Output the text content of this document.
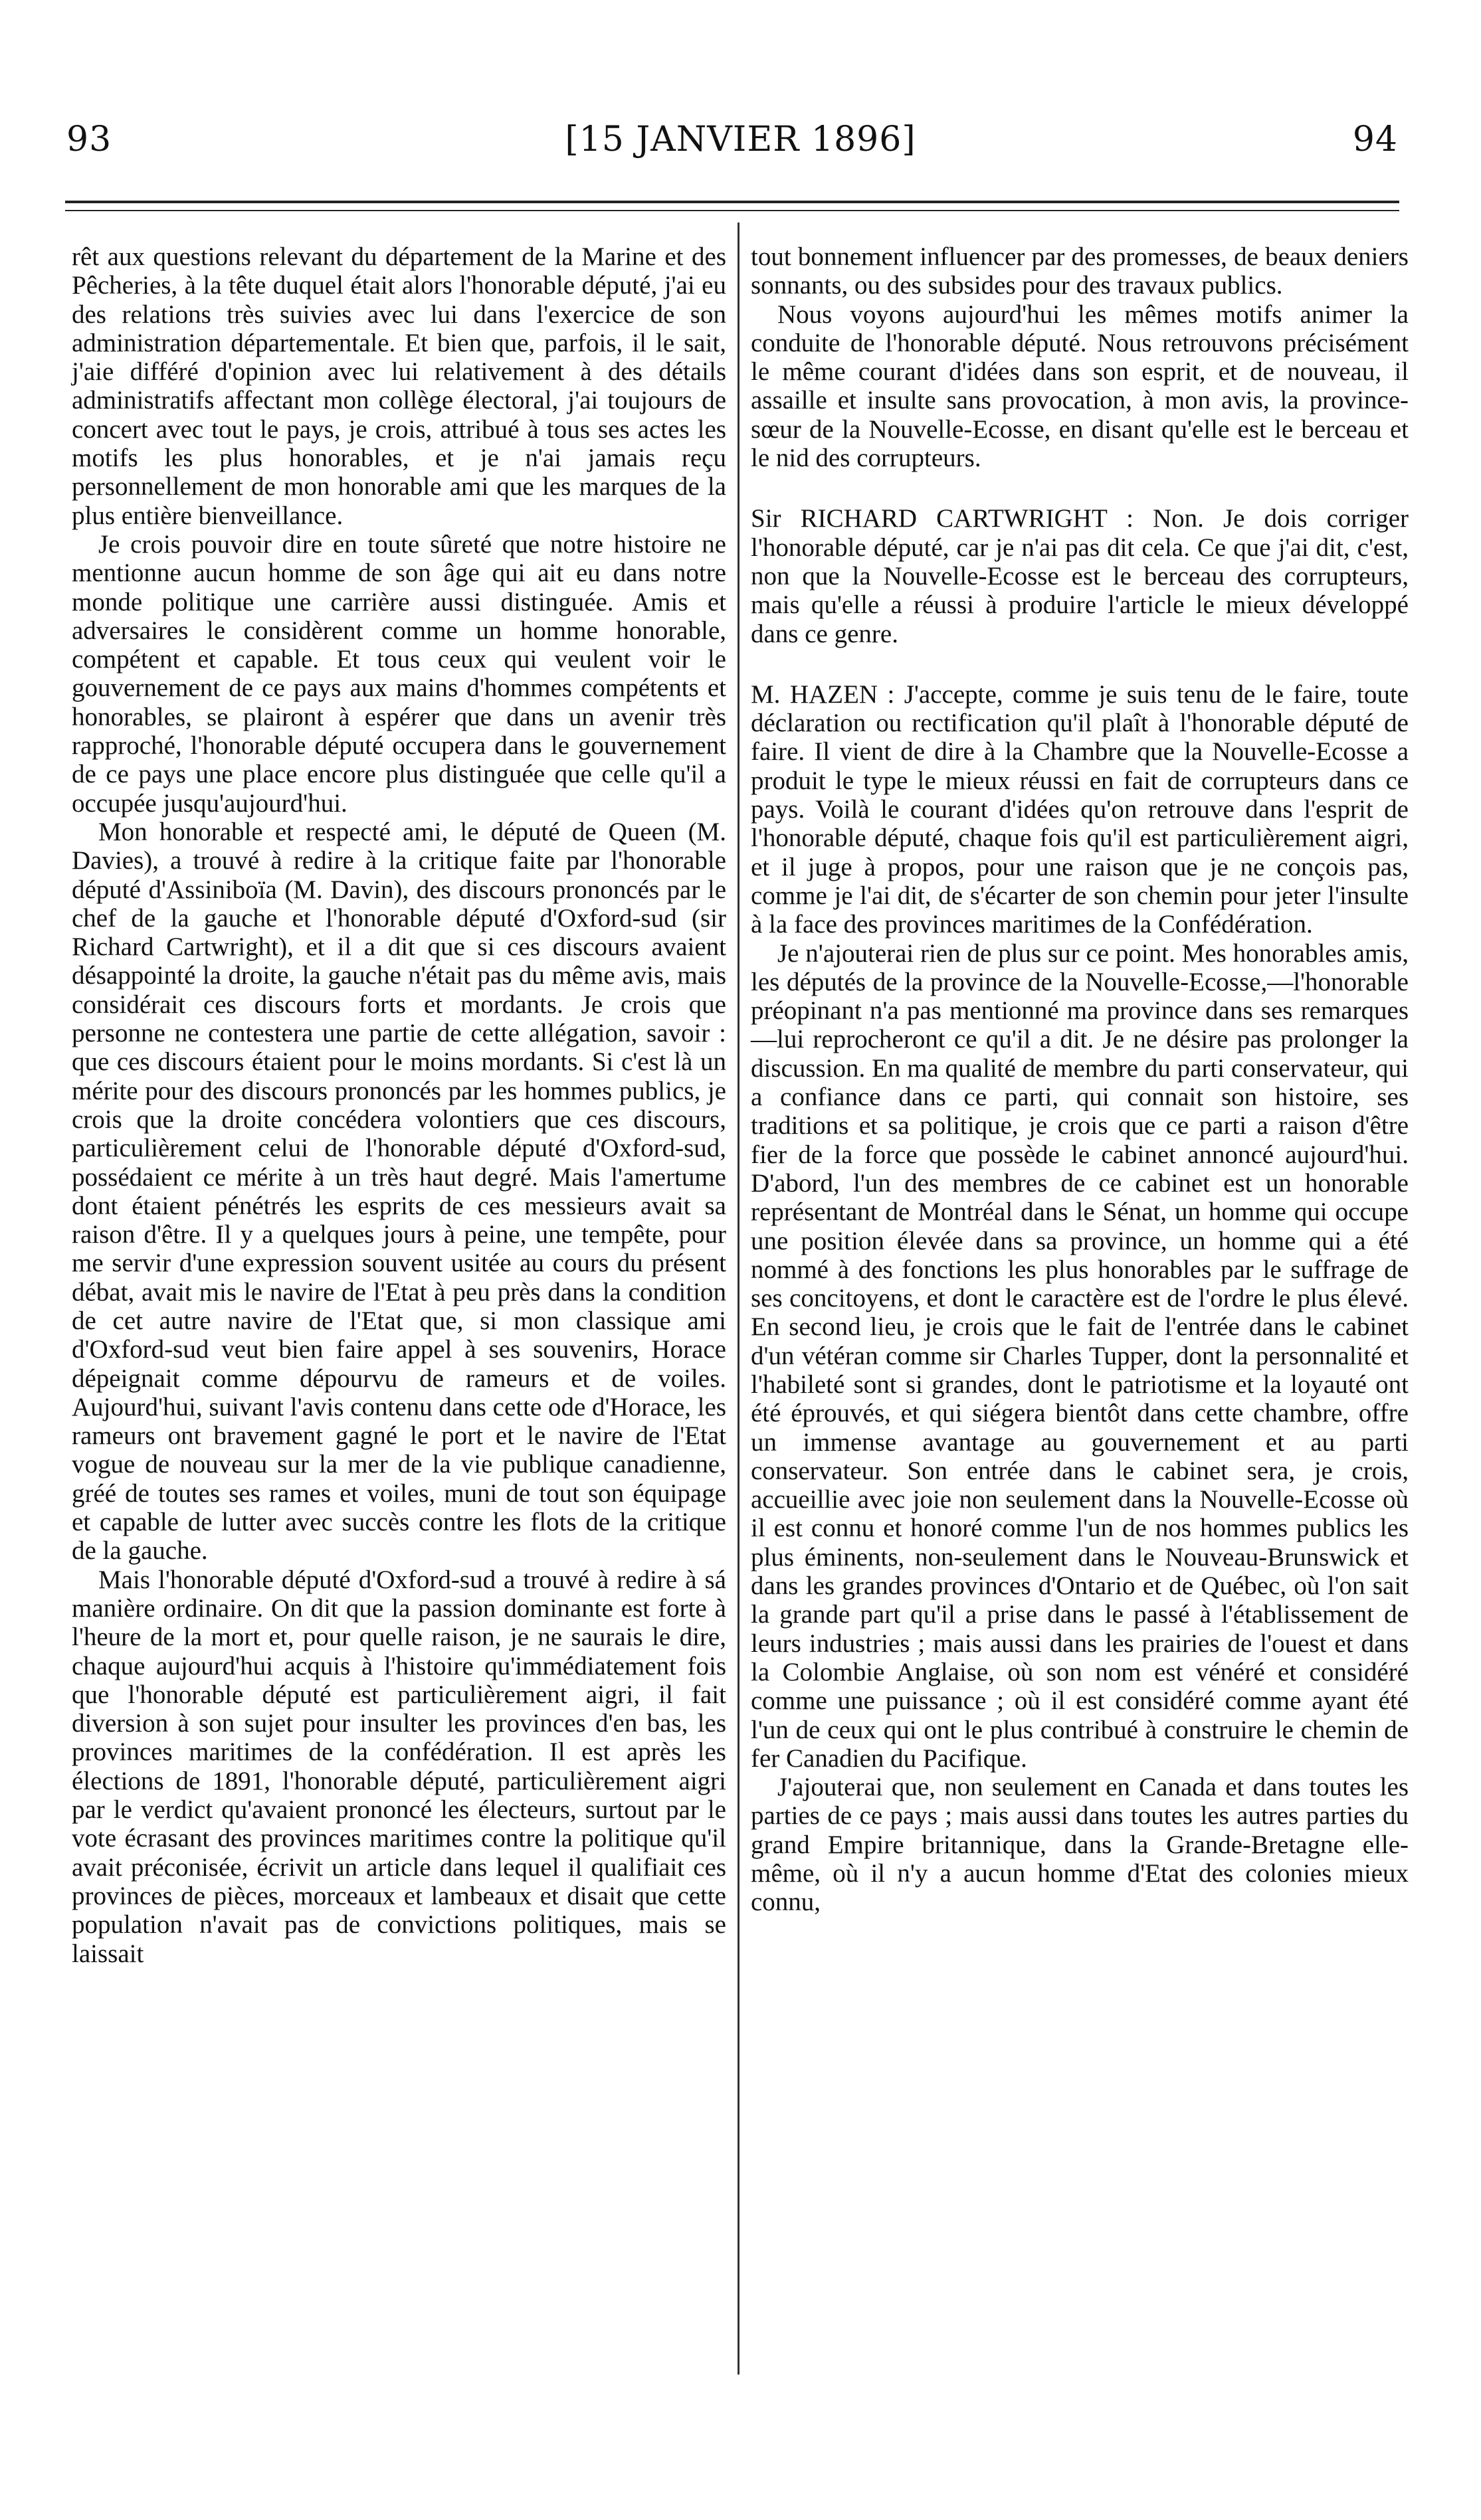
93	[15 JANVIER 1896]	94

rêt aux questions relevant du département de la Marine et des Pêcheries, à la tête duquel était alors l'honorable député, j'ai eu des relations très suivies avec lui dans l'exercice de son administration départementale. Et bien que, parfois, il le sait, j'aie différé d'opinion avec lui relativement à des détails administratifs affectant mon collège électoral, j'ai toujours de concert avec tout le pays, je crois, attribué à tous ses actes les motifs les plus honorables, et je n'ai jamais reçu personnellement de mon honorable ami que les marques de la plus entière bienveillance.

Je crois pouvoir dire en toute sûreté que notre histoire ne mentionne aucun homme de son âge qui ait eu dans notre monde politique une carrière aussi distinguée. Amis et adversaires le considèrent comme un homme honorable, compétent et capable. Et tous ceux qui veulent voir le gouvernement de ce pays aux mains d'hommes compétents et honorables, se plairont à espérer que dans un avenir très rapproché, l'honorable député occupera dans le gouvernement de ce pays une place encore plus distinguée que celle qu'il a occupée jusqu'aujourd'hui.

Mon honorable et respecté ami, le député de Queen (M. Davies), a trouvé à redire à la critique faite par l'honorable député d'Assiniboïa (M. Davin), des discours prononcés par le chef de la gauche et l'honorable député d'Oxford-sud (sir Richard Cartwright), et il a dit que si ces discours avaient désappointé la droite, la gauche n'était pas du même avis, mais considérait ces discours forts et mordants. Je crois que personne ne contestera une partie de cette allégation, savoir : que ces discours étaient pour le moins mordants. Si c'est là un mérite pour des discours prononcés par les hommes publics, je crois que la droite concédera volontiers que ces discours, particulièrement celui de l'honorable député d'Oxford-sud, possédaient ce mérite à un très haut degré. Mais l'amertume dont étaient pénétrés les esprits de ces messieurs avait sa raison d'être. Il y a quelques jours à peine, une tempête, pour me servir d'une expression souvent usitée au cours du présent débat, avait mis le navire de l'Etat à peu près dans la condition de cet autre navire de l'Etat que, si mon classique ami d'Oxford-sud veut bien faire appel à ses souvenirs, Horace dépeignait comme dépourvu de rameurs et de voiles. Aujourd'hui, suivant l'avis contenu dans cette ode d'Horace, les rameurs ont bravement gagné le port et le navire de l'Etat vogue de nouveau sur la mer de la vie publique canadienne, gréé de toutes ses rames et voiles, muni de tout son équipage et capable de lutter avec succès contre les flots de la critique de la gauche.

Mais l'honorable député d'Oxford-sud a trouvé à redire à sá manière ordinaire. On dit que la passion dominante est forte à l'heure de la mort et, pour quelle raison, je ne saurais le dire, chaque aujourd'hui acquis à l'histoire qu'immédiatement fois que l'honorable député est particulièrement aigri, il fait diversion à son sujet pour insulter les provinces d'en bas, les provinces maritimes de la confédération. Il est après les élections de 1891, l'honorable député, particulièrement aigri par le verdict qu'avaient prononcé les électeurs, surtout par le vote écrasant des provinces maritimes contre la politique qu'il avait préconisée, écrivit un article dans lequel il qualifiait ces provinces de pièces, morceaux et lambeaux et disait que cette population n'avait pas de convictions politiques, mais se laissait

tout bonnement influencer par des promesses, de beaux deniers sonnants, ou des subsides pour des travaux publics.

Nous voyons aujourd'hui les mêmes motifs animer la conduite de l'honorable député. Nous retrouvons précisément le même courant d'idées dans son esprit, et de nouveau, il assaille et insulte sans provocation, à mon avis, la province-sœur de la Nouvelle-Ecosse, en disant qu'elle est le berceau et le nid des corrupteurs.

Sir RICHARD CARTWRIGHT : Non. Je dois corriger l'honorable député, car je n'ai pas dit cela. Ce que j'ai dit, c'est, non que la Nouvelle-Ecosse est le berceau des corrupteurs, mais qu'elle a réussi à produire l'article le mieux développé dans ce genre.

M. HAZEN : J'accepte, comme je suis tenu de le faire, toute déclaration ou rectification qu'il plaît à l'honorable député de faire. Il vient de dire à la Chambre que la Nouvelle-Ecosse a produit le type le mieux réussi en fait de corrupteurs dans ce pays. Voilà le courant d'idées qu'on retrouve dans l'esprit de l'honorable député, chaque fois qu'il est particulièrement aigri, et il juge à propos, pour une raison que je ne conçois pas, comme je l'ai dit, de s'écarter de son chemin pour jeter l'insulte à la face des provinces maritimes de la Confédération.

Je n'ajouterai rien de plus sur ce point. Mes honorables amis, les députés de la province de la Nouvelle-Ecosse,—l'honorable préopinant n'a pas mentionné ma province dans ses remarques—lui reprocheront ce qu'il a dit. Je ne désire pas prolonger la discussion. En ma qualité de membre du parti conservateur, qui a confiance dans ce parti, qui connait son histoire, ses traditions et sa politique, je crois que ce parti a raison d'être fier de la force que possède le cabinet annoncé aujourd'hui. D'abord, l'un des membres de ce cabinet est un honorable représentant de Montréal dans le Sénat, un homme qui occupe une position élevée dans sa province, un homme qui a été nommé à des fonctions les plus honorables par le suffrage de ses concitoyens, et dont le caractère est de l'ordre le plus élevé. En second lieu, je crois que le fait de l'entrée dans le cabinet d'un vétéran comme sir Charles Tupper, dont la personnalité et l'habileté sont si grandes, dont le patriotisme et la loyauté ont été éprouvés, et qui siégera bientôt dans cette chambre, offre un immense avantage au gouvernement et au parti conservateur. Son entrée dans le cabinet sera, je crois, accueillie avec joie non seulement dans la Nouvelle-Ecosse où il est connu et honoré comme l'un de nos hommes publics les plus éminents, non-seulement dans le Nouveau-Brunswick et dans les grandes provinces d'Ontario et de Québec, où l'on sait la grande part qu'il a prise dans le passé à l'établissement de leurs industries ; mais aussi dans les prairies de l'ouest et dans la Colombie Anglaise, où son nom est vénéré et considéré comme une puissance ; où il est considéré comme ayant été l'un de ceux qui ont le plus contribué à construire le chemin de fer Canadien du Pacifique.

J'ajouterai que, non seulement en Canada et dans toutes les parties de ce pays ; mais aussi dans toutes les autres parties du grand Empire britannique, dans la Grande-Bretagne elle-même, où il n'y a aucun homme d'Etat des colonies mieux connu,
